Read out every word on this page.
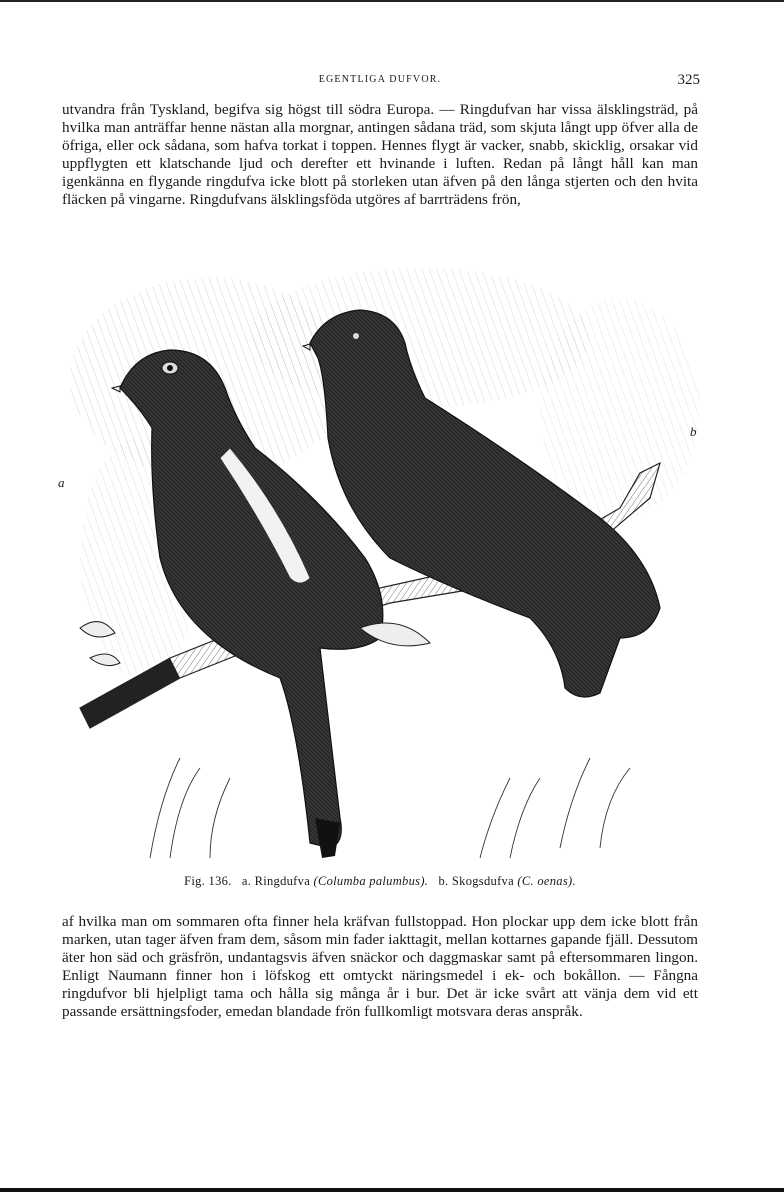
EGENTLIGA DUFVOR.	325

utvandra från Tyskland, begifva sig högst till södra Europa. — Ringdufvan har vissa älsklingsträd, på hvilka man anträffar henne nästan alla morgnar, antingen sådana träd, som skjuta långt upp öfver alla de öfriga, eller ock sådana, som hafva torkat i toppen. Hennes flygt är vacker, snabb, skicklig, orsakar vid uppflygten ett klatschande ljud och derefter ett hvinande i luften. Redan på långt håll kan man igenkänna en flygande ringdufva icke blott på storleken utan äfven på den långa stjerten och den hvita fläcken på vingarne. Ringdufvans älsklingsföda utgöres af barrträdens frön,

a
b
Fig. 136. a. Ringdufva (Columba palumbus). b. Skogsdufva (C. oenas).

af hvilka man om sommaren ofta finner hela kräfvan fullstoppad. Hon plockar upp dem icke blott från marken, utan tager äfven fram dem, såsom min fader iakttagit, mellan kottarnes gapande fjäll. Dessutom äter hon säd och gräsfrön, undantagsvis äfven snäckor och daggmaskar samt på eftersommaren lingon. Enligt Naumann finner hon i löfskog ett omtyckt näringsmedel i ek- och bokållon. — Fångna ringdufvor bli hjelpligt tama och hålla sig många år i bur. Det är icke svårt att vänja dem vid ett passande ersättningsfoder, emedan blandade frön fullkomligt motsvara deras anspråk.
